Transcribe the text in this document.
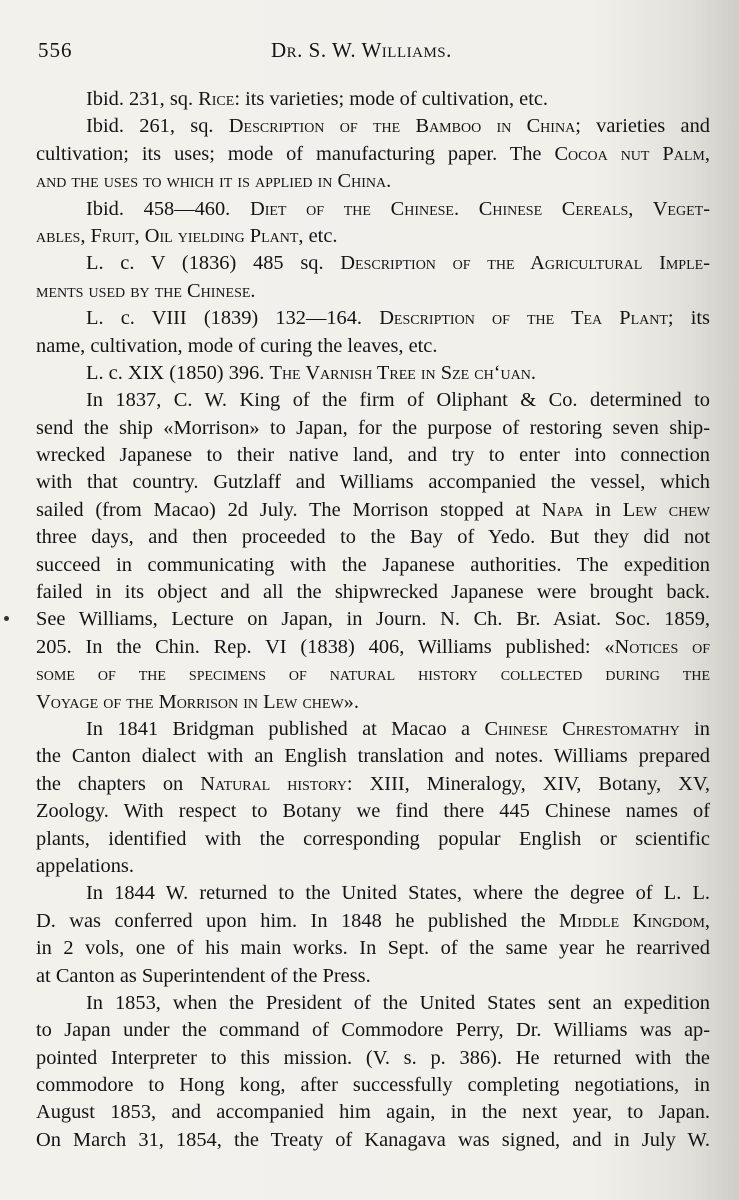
556	Dr. S. W. Williams.
Ibid. 231, sq. Rice: its varieties; mode of cultivation, etc.
Ibid. 261, sq. Description of the Bamboo in China; varieties and
cultivation; its uses; mode of manufacturing paper. The Cocoa nut Palm,
and the uses to which it is applied in China.
Ibid. 458—460. Diet of the Chinese. Chinese Cereals, Veget-
ables, Fruit, Oil yielding Plant, etc.
L. c. V (1836) 485 sq. Description of the Agricultural Imple-
ments used by the Chinese.
L. c. VIII (1839) 132—164. Description of the Tea Plant; its
name, cultivation, mode of curing the leaves, etc.
L. c. XIX (1850) 396. The Varnish Tree in Sze ch‘uan.
In 1837, C. W. King of the firm of Oliphant & Co. determined to
send the ship «Morrison» to Japan, for the purpose of restoring seven ship-
wrecked Japanese to their native land, and try to enter into connection
with that country. Gutzlaff and Williams accompanied the vessel, which
sailed (from Macao) 2d July. The Morrison stopped at Napa in Lew chew
three days, and then proceeded to the Bay of Yedo. But they did not
succeed in communicating with the Japanese authorities. The expedition
failed in its object and all the shipwrecked Japanese were brought back.
See Williams, Lecture on Japan, in Journ. N. Ch. Br. Asiat. Soc. 1859,
205. In the Chin. Rep. VI (1838) 406, Williams published: «Notices of
some of the specimens of natural history collected during the
Voyage of the Morrison in Lew chew».
In 1841 Bridgman published at Macao a Chinese Chrestomathy in
the Canton dialect with an English translation and notes. Williams prepared
the chapters on Natural history: XIII, Mineralogy, XIV, Botany, XV,
Zoology. With respect to Botany we find there 445 Chinese names of
plants, identified with the corresponding popular English or scientific
appelations.
In 1844 W. returned to the United States, where the degree of L. L.
D. was conferred upon him. In 1848 he published the Middle Kingdom,
in 2 vols, one of his main works. In Sept. of the same year he rearrived
at Canton as Superintendent of the Press.
In 1853, when the President of the United States sent an expedition
to Japan under the command of Commodore Perry, Dr. Williams was ap-
pointed Interpreter to this mission. (V. s. p. 386). He returned with the
commodore to Hong kong, after successfully completing negotiations, in
August 1853, and accompanied him again, in the next year, to Japan.
On March 31, 1854, the Treaty of Kanagava was signed, and in July W.
